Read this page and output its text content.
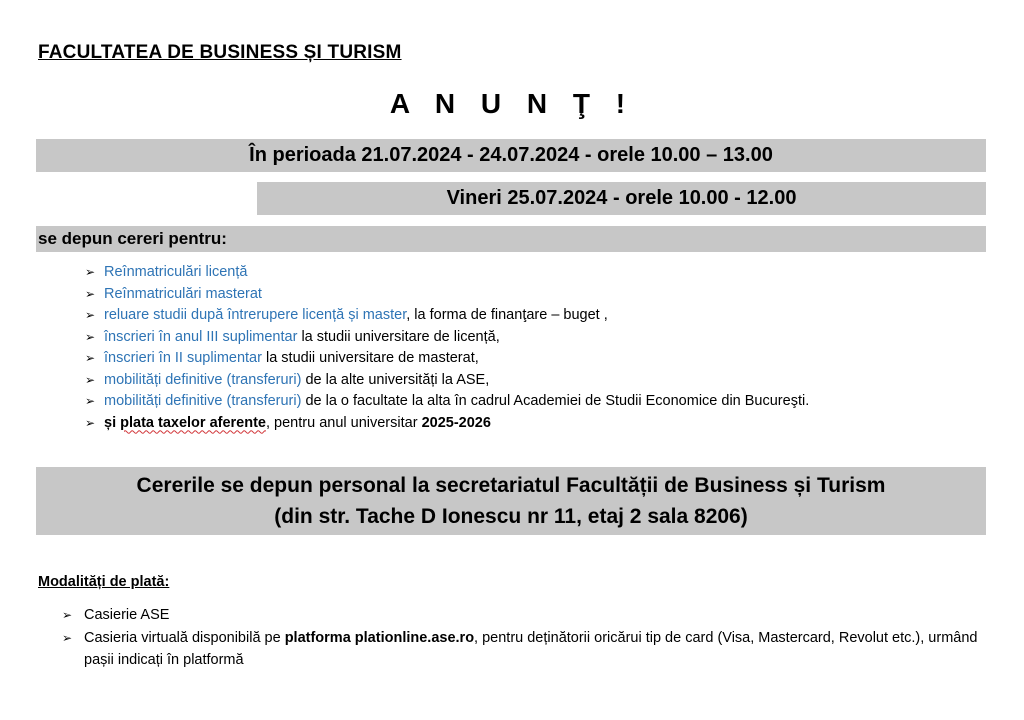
FACULTATEA DE BUSINESS ȘI TURISM
A N U N Ţ !
În perioada 21.07.2024 - 24.07.2024 - orele 10.00 – 13.00
Vineri 25.07.2024 - orele 10.00 - 12.00
se depun cereri pentru:
➢ Reînmatriculări licență
➢ Reînmatriculări masterat
➢ reluare studii după întrerupere licență și master, la forma de finanţare – buget ,
➢ înscrieri în anul III suplimentar la studii universitare de licență,
➢ înscrieri în II suplimentar la studii universitare de masterat,
➢ mobilități definitive (transferuri) de la alte universități la ASE,
➢ mobilități definitive (transferuri) de la o facultate la alta în cadrul Academiei de Studii Economice din Bucureşti.
➢ și plata taxelor aferente, pentru anul universitar 2025-2026
Cererile se depun personal la secretariatul Facultății de Business și Turism
(din str. Tache D Ionescu nr 11, etaj 2 sala 8206)
Modalități de plată:
➢ Casierie ASE
➢ Casieria virtuală disponibilă pe platforma plationline.ase.ro, pentru deținătorii oricărui tip de card (Visa, Mastercard, Revolut etc.), urmând pașii indicați în platformă
